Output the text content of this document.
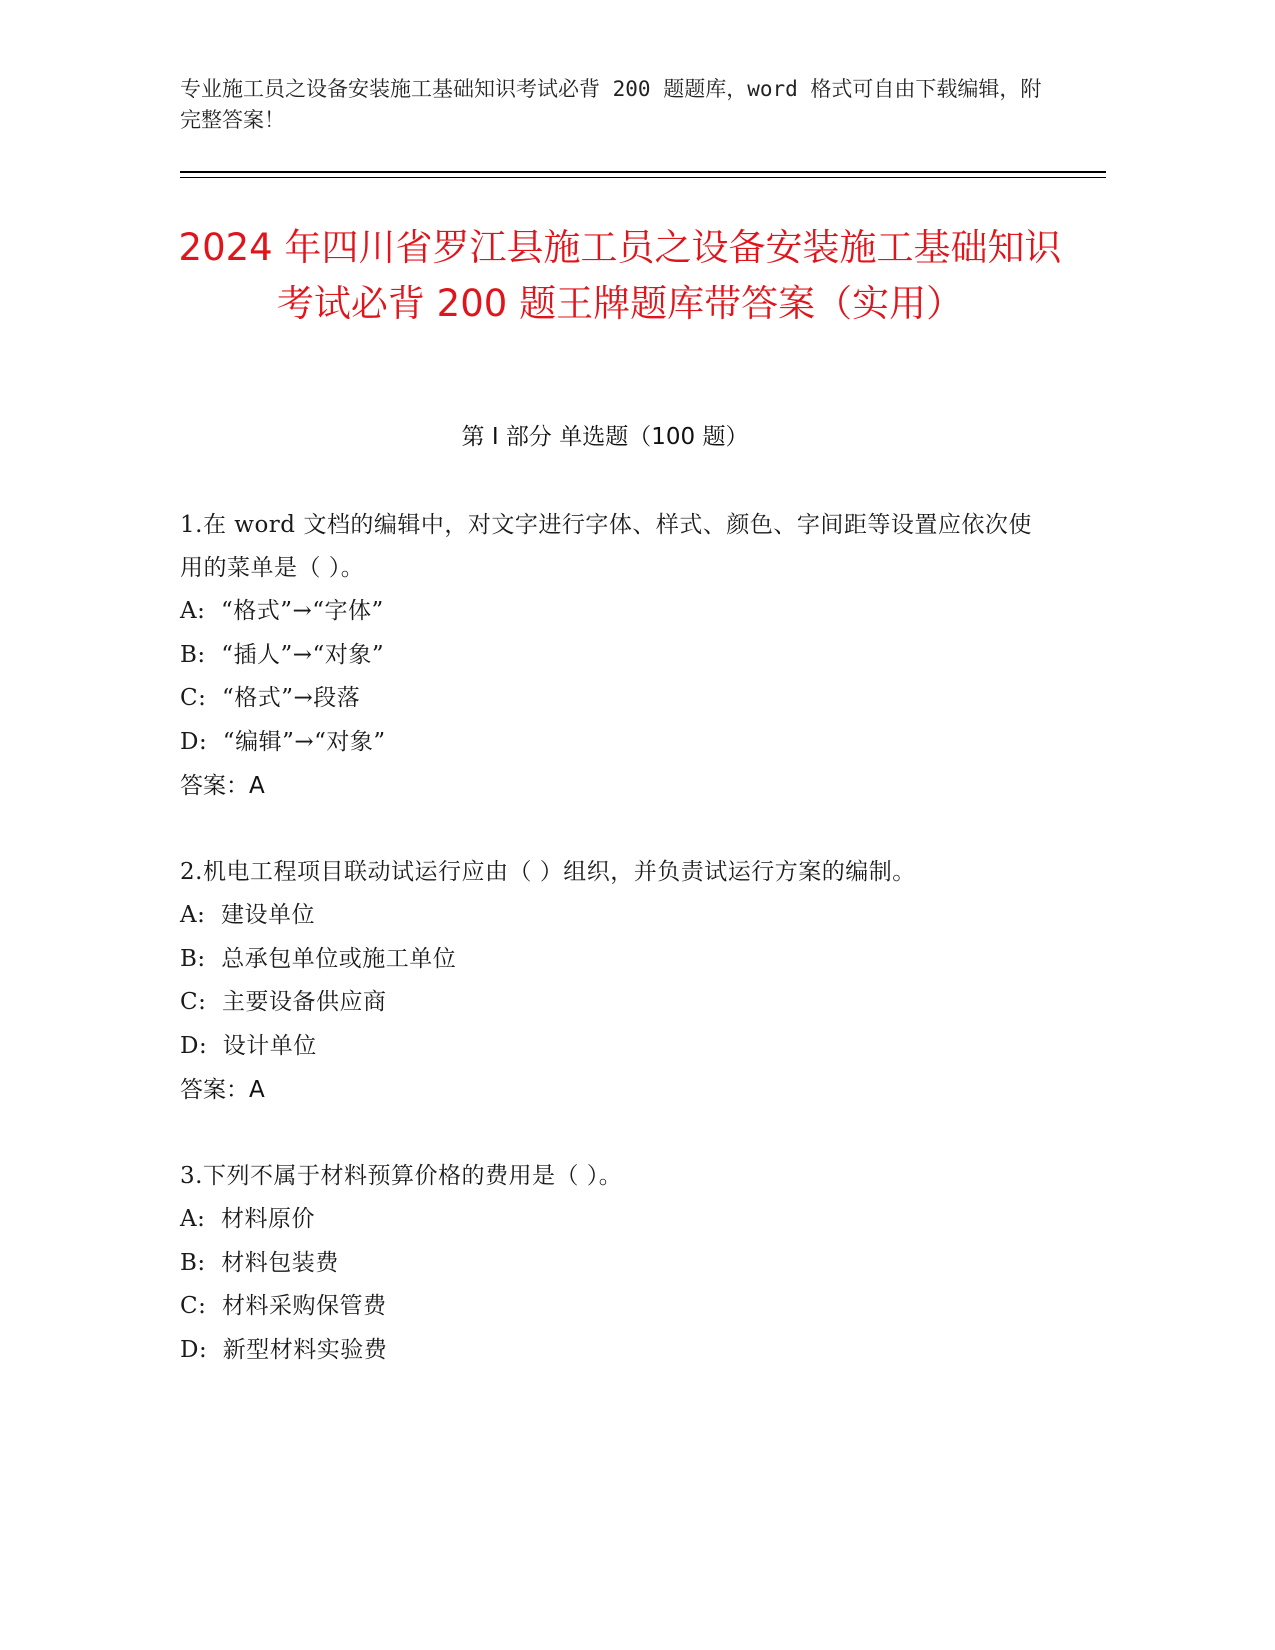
专业施工员之设备安装施工基础知识考试必背 200 题题库，word 格式可自由下载编辑，附完整答案！
2024 年四川省罗江县施工员之设备安装施工基础知识考试必背 200 题王牌题库带答案（实用）
第 I 部分 单选题（100 题）
1.在 word 文档的编辑中，对文字进行字体、样式、颜色、字间距等设置应依次使用的菜单是（ ）。
A:  “格式”→“字体”
B:  “插人”→“对象”
C:  “格式”→段落
D:  “编辑”→“对象”
答案：A
2.机电工程项目联动试运行应由（ ）组织，并负责试运行方案的编制。
A:  建设单位
B:  总承包单位或施工单位
C:  主要设备供应商
D:  设计单位
答案：A
3.下列不属于材料预算价格的费用是（ ）。
A:  材料原价
B:  材料包装费
C:  材料采购保管费
D:  新型材料实验费
